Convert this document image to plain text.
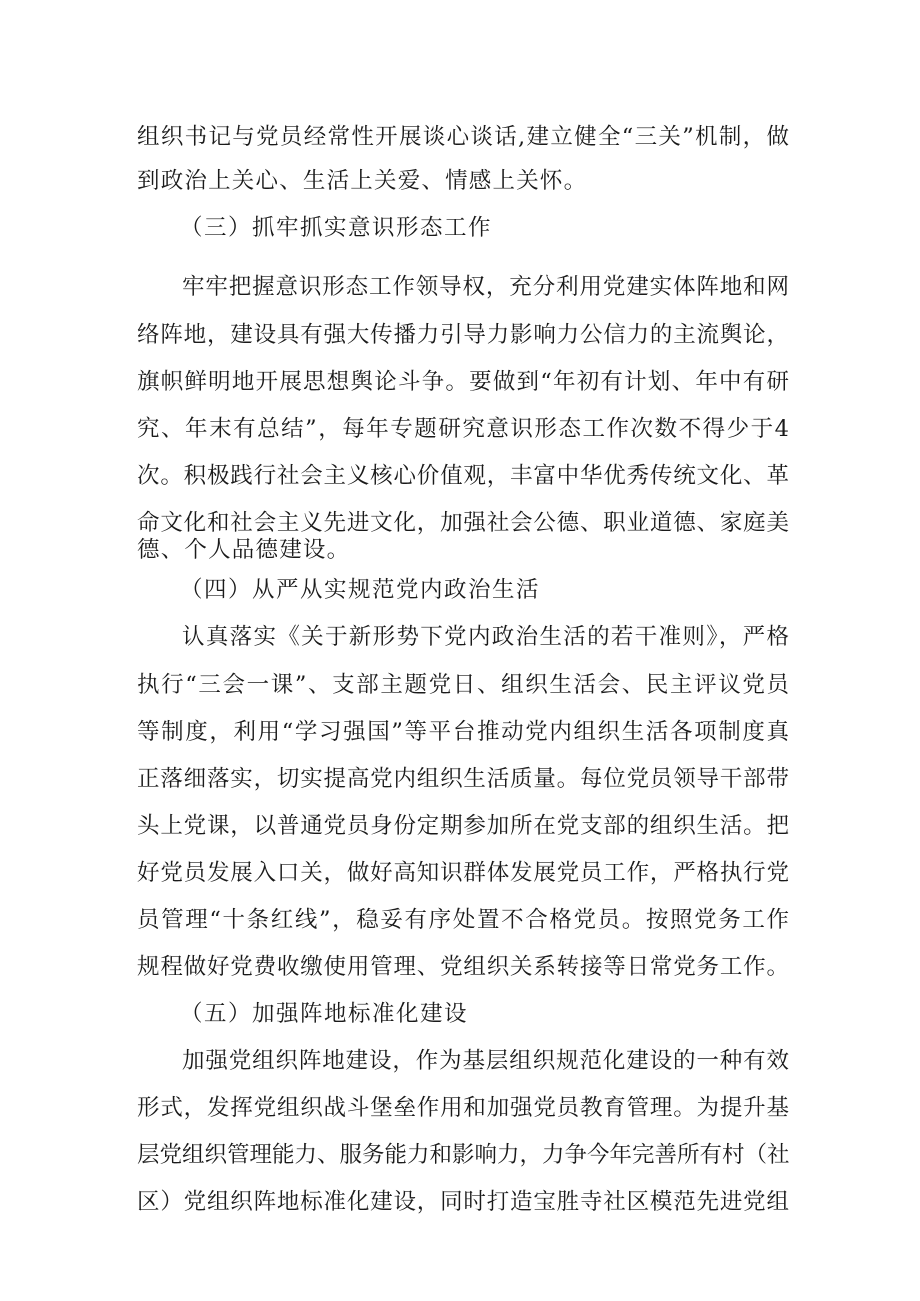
组织书记与党员经常性开展谈心谈话,建立健全“三关”机制，做
到政治上关心、生活上关爱、情感上关怀。
（三）抓牢抓实意识形态工作
牢牢把握意识形态工作领导权，充分利用党建实体阵地和网
络阵地，建设具有强大传播力引导力影响力公信力的主流舆论，
旗帜鲜明地开展思想舆论斗争。要做到“年初有计划、年中有研
究、年末有总结”，每年专题研究意识形态工作次数不得少于4
次。积极践行社会主义核心价值观，丰富中华优秀传统文化、革
命文化和社会主义先进文化，加强社会公德、职业道德、家庭美
德、个人品德建设。
（四）从严从实规范党内政治生活
认真落实《关于新形势下党内政治生活的若干准则》，严格
执行“三会一课”、支部主题党日、组织生活会、民主评议党员
等制度，利用“学习强国”等平台推动党内组织生活各项制度真
正落细落实，切实提高党内组织生活质量。每位党员领导干部带
头上党课，以普通党员身份定期参加所在党支部的组织生活。把
好党员发展入口关，做好高知识群体发展党员工作，严格执行党
员管理“十条红线”，稳妥有序处置不合格党员。按照党务工作
规程做好党费收缴使用管理、党组织关系转接等日常党务工作。
（五）加强阵地标准化建设
加强党组织阵地建设，作为基层组织规范化建设的一种有效
形式，发挥党组织战斗堡垒作用和加强党员教育管理。为提升基
层党组织管理能力、服务能力和影响力，力争今年完善所有村（社
区）党组织阵地标准化建设，同时打造宝胜寺社区模范先进党组
